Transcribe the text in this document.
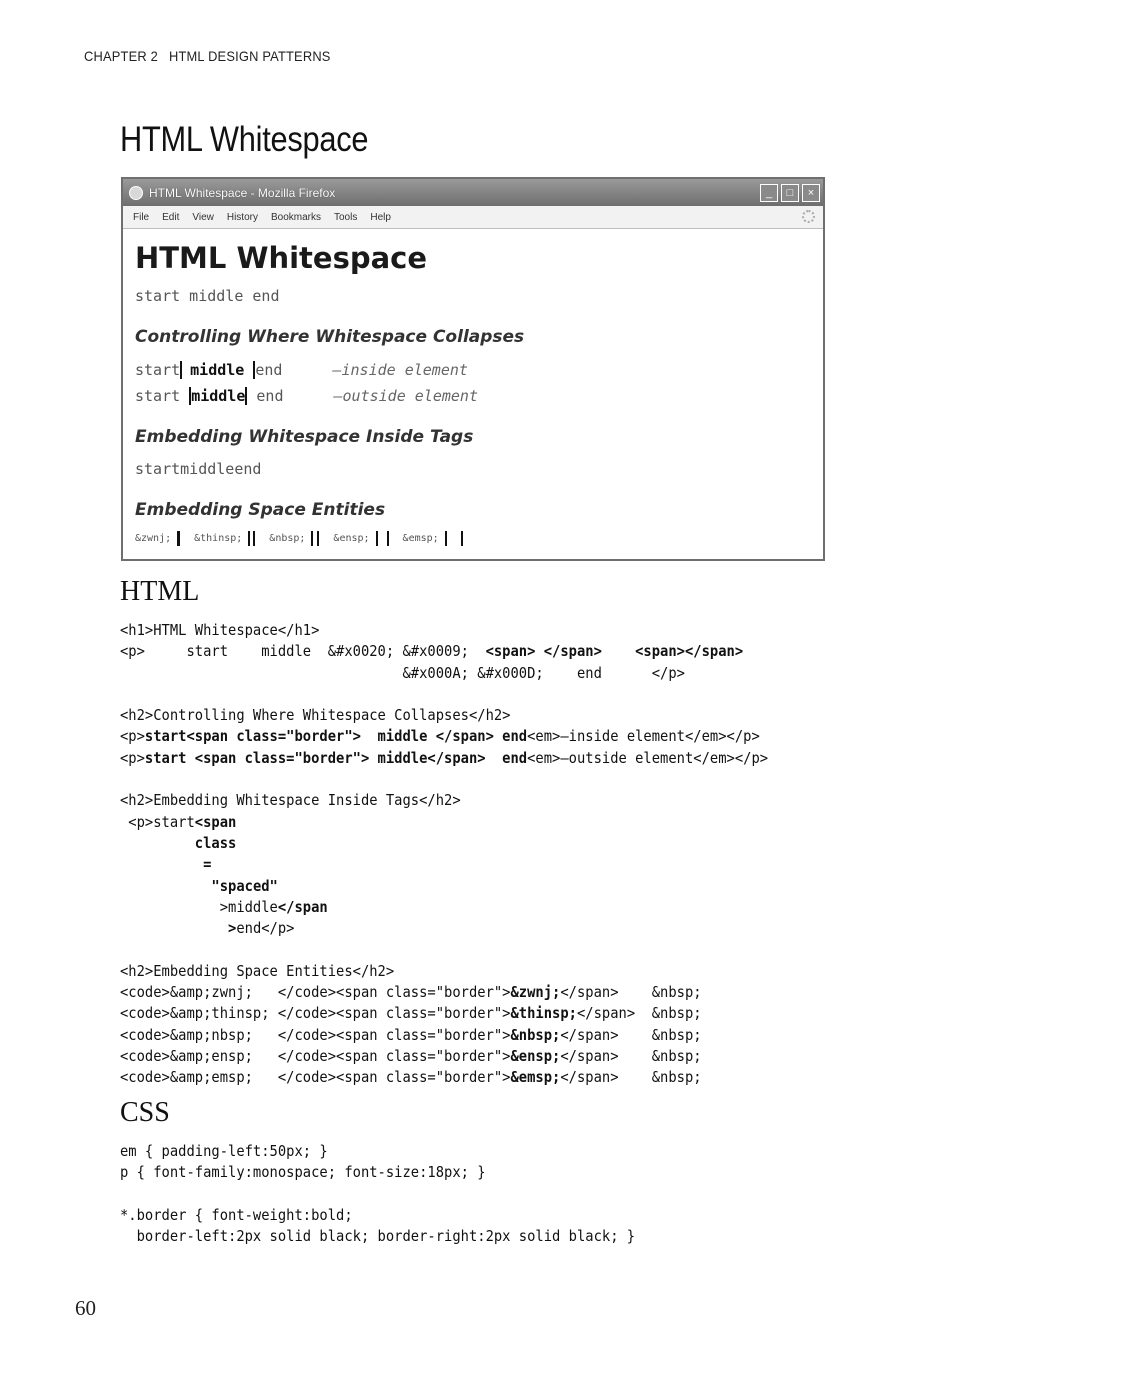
CHAPTER 2 HTML DESIGN PATTERNS
HTML Whitespace
HTML Whitespace - Mozilla Firefox	_	□	×
File Edit View History Bookmarks Tools Help
HTML Whitespace
start middle end
Controlling Where Whitespace Collapses
start middle end	—inside element
start middle end	—outside element
Embedding Whitespace Inside Tags
startmiddleend
Embedding Space Entities
&zwnj; &thinsp;	&nbsp;	&ensp;	&emsp;
HTML
<h1>HTML Whitespace</h1>
<p>     start    middle  &#x0020; &#x0009;  <span> </span> <span></span>
&#x000A; &#x000D;    end      </p>

<h2>Controlling Where Whitespace Collapses</h2>
<p>start<span class="border">  middle </span> end<em>—inside element</em></p>
<p>start <span class="border"> middle</span>  end<em>—outside element</em></p>

<h2>Embedding Whitespace Inside Tags</h2>
<p>start<span
class
=
"spaced"
>middle</span
>end</p>

<h2>Embedding Space Entities</h2>
<code>&amp;zwnj;   </code><span class="border">&zwnj;</span>    &nbsp;
<code>&amp;thinsp; </code><span class="border">&thinsp;</span>  &nbsp;
<code>&amp;nbsp;   </code><span class="border">&nbsp;</span>    &nbsp;
<code>&amp;ensp;   </code><span class="border">&ensp;</span>    &nbsp;
<code>&amp;emsp;   </code><span class="border">&emsp;</span>    &nbsp;
CSS
em { padding-left:50px; }
p { font-family:monospace; font-size:18px; }

*.border { font-weight:bold;
border-left:2px solid black; border-right:2px solid black; }
60
